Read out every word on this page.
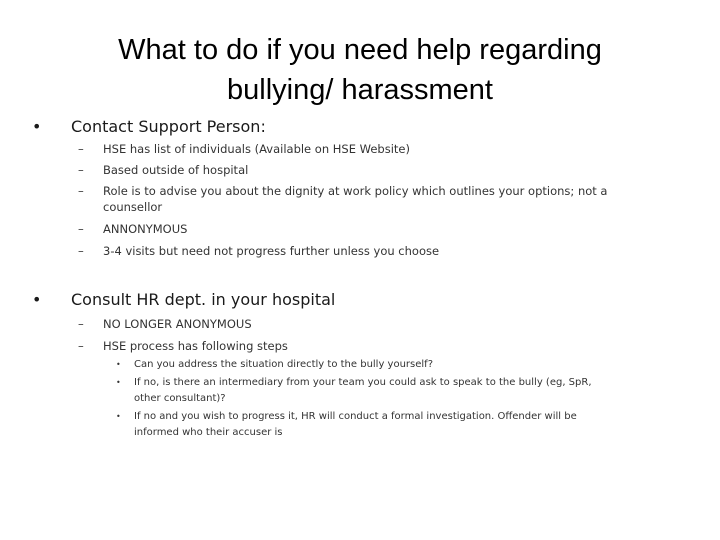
What to do if you need help regarding
bullying/ harassment
• Contact Support Person:
–	HSE has list of individuals (Available on HSE Website)
–	Based outside of hospital
–	Role is to advise you about the dignity at work policy which outlines your options; not a
counsellor
–	ANNONYMOUS
–	3-4 visits but need not progress further unless you choose
• Consult HR dept. in your hospital
–	NO LONGER ANONYMOUS
–	HSE process has following steps
•	Can you address the situation directly to the bully yourself?
•	If no, is there an intermediary from your team you could ask to speak to the bully (eg, SpR,
other consultant)?
•	If no and you wish to progress it, HR will conduct a formal investigation. Offender will be
informed who their accuser is
